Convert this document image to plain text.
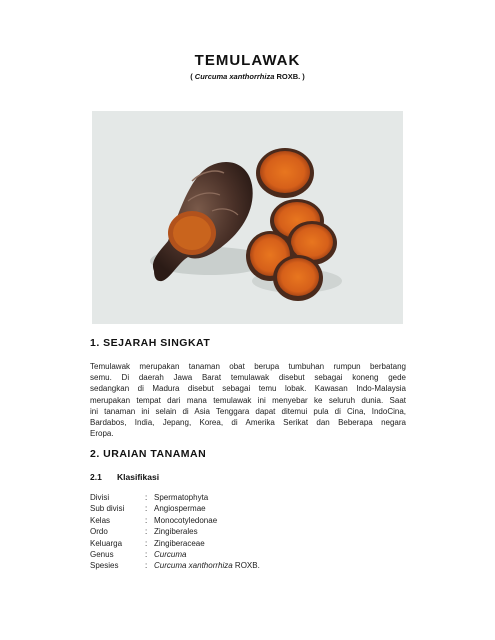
TEMULAWAK
( Curcuma xanthorrhiza ROXB. )
1. SEJARAH SINGKAT
Temulawak merupakan tanaman obat berupa tumbuhan rumpun berbatang
semu. Di daerah Jawa Barat temulawak disebut sebagai koneng gede
sedangkan di Madura disebut sebagai temu lobak. Kawasan Indo-Malaysia
merupakan tempat dari mana temulawak ini menyebar ke seluruh dunia. Saat
ini tanaman ini selain di Asia Tenggara dapat ditemui pula di Cina, IndoCina,
Bardabos, India, Jepang, Korea, di Amerika Serikat dan Beberapa negara
Eropa.
2. URAIAN TANAMAN
2.1 Klasifikasi
Divisi	: Spermatophyta
Sub divisi	: Angiospermae
Kelas	: Monocotyledonae
Ordo	: Zingiberales
Keluarga	: Zingiberaceae
Genus	: Curcuma
Spesies	: Curcuma xanthorrhiza ROXB.
